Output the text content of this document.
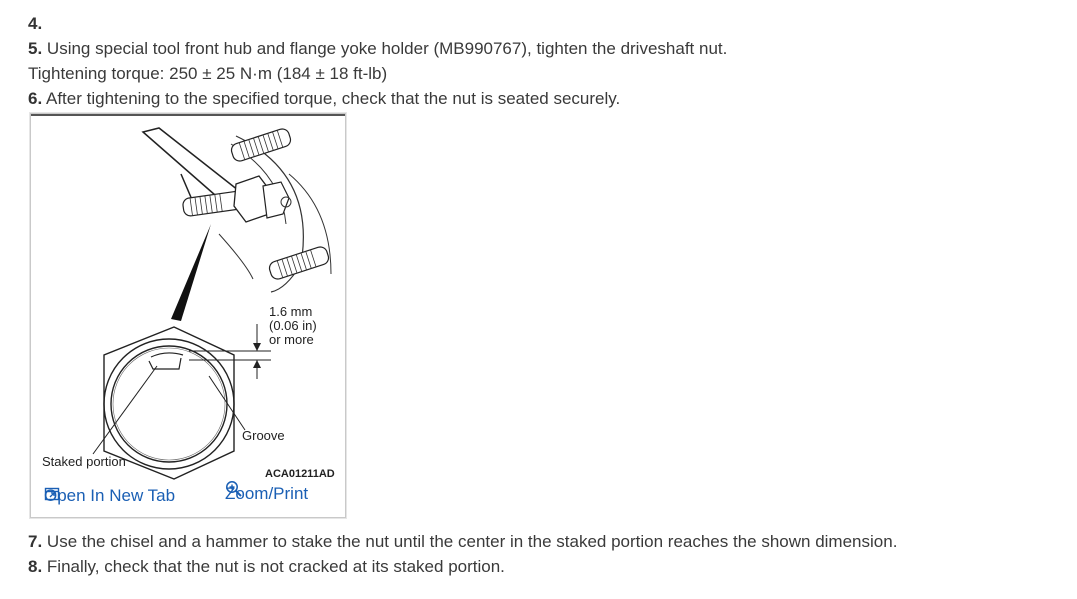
4.
5. Using special tool front hub and flange yoke holder (MB990767), tighten the driveshaft nut.
Tightening torque: 250 ± 25 N·m (184 ± 18 ft-lb)
6. After tightening to the specified torque, check that the nut is seated securely.
1.6 mm
(0.06 in)
or more
Groove
Staked portion
ACA01211AD
Open In New Tab	Zoom/Print
7. Use the chisel and a hammer to stake the nut until the center in the staked portion reaches the shown dimension.
8. Finally, check that the nut is not cracked at its staked portion.
